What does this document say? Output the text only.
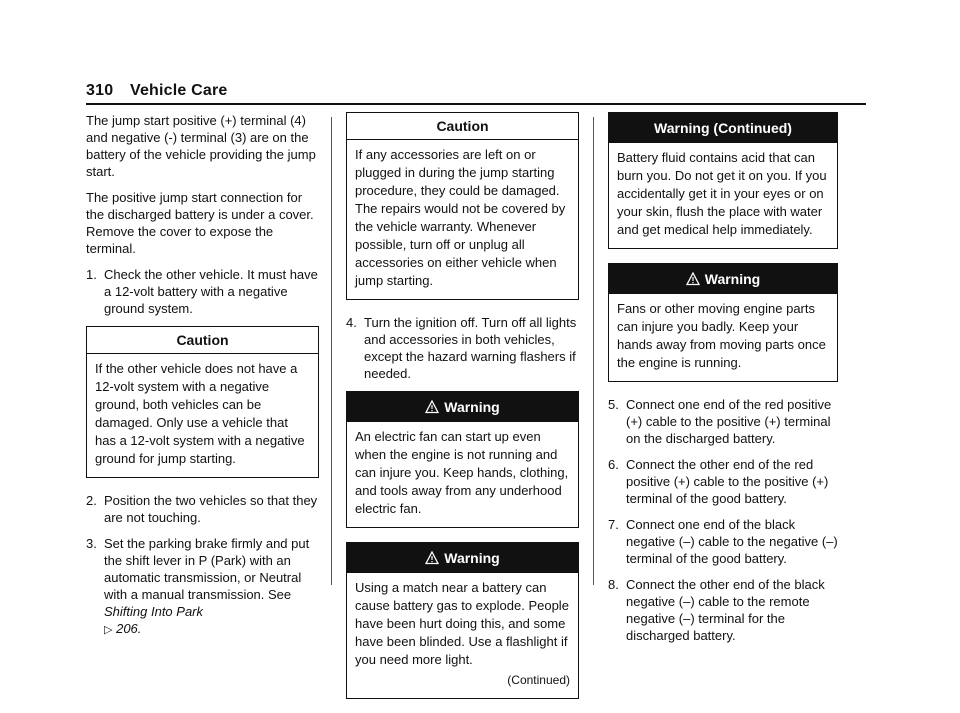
310 Vehicle Care

The jump start positive (+) terminal (4) and negative (-) terminal (3) are on the battery of the vehicle providing the jump start.

The positive jump start connection for the discharged battery is under a cover. Remove the cover to expose the terminal.

1. Check the other vehicle. It must have a 12-volt battery with a negative ground system.
Caution
If the other vehicle does not have a 12-volt system with a negative ground, both vehicles can be damaged. Only use a vehicle that has a 12-volt system with a negative ground for jump starting.
2. Position the two vehicles so that they are not touching.
3. Set the parking brake firmly and put the shift lever in P (Park) with an automatic transmission, or Neutral with a manual transmission. See Shifting Into Park
▷ 206.
Caution
If any accessories are left on or plugged in during the jump starting procedure, they could be damaged. The repairs would not be covered by the vehicle warranty. Whenever possible, turn off or unplug all accessories on either vehicle when jump starting.
4. Turn the ignition off. Turn off all lights and accessories in both vehicles, except the hazard warning flashers if needed.
Warning
An electric fan can start up even when the engine is not running and can injure you. Keep hands, clothing, and tools away from any underhood electric fan.
Warning
Using a match near a battery can cause battery gas to explode. People have been hurt doing this, and some have been blinded. Use a flashlight if you need more light.
(Continued)
Warning (Continued)
Battery fluid contains acid that can burn you. Do not get it on you. If you accidentally get it in your eyes or on your skin, flush the place with water and get medical help immediately.
Warning
Fans or other moving engine parts can injure you badly. Keep your hands away from moving parts once the engine is running.
5. Connect one end of the red positive (+) cable to the positive (+) terminal on the discharged battery.
6. Connect the other end of the red positive (+) cable to the positive (+) terminal of the good battery.
7. Connect one end of the black negative (–) cable to the negative (–) terminal of the good battery.
8. Connect the other end of the black negative (–) cable to the remote negative (–) terminal for the discharged battery.
